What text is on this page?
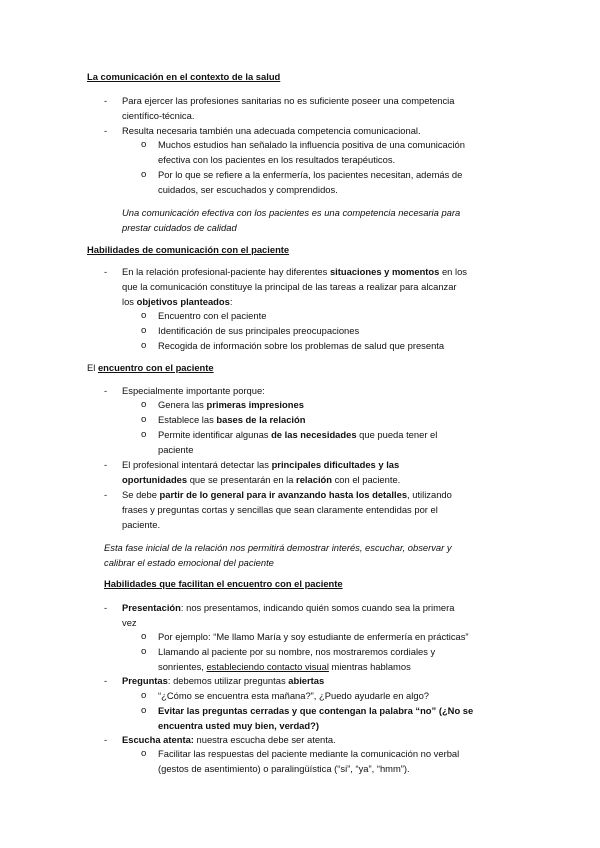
La comunicación en el contexto de la salud
- Para ejercer las profesiones sanitarias no es suficiente poseer una competencia
científico-técnica.
- Resulta necesaria también una adecuada competencia comunicacional.
o Muchos estudios han señalado la influencia positiva de una comunicación
efectiva con los pacientes en los resultados terapéuticos.
o Por lo que se refiere a la enfermería, los pacientes necesitan, además de
cuidados, ser escuchados y comprendidos.
Una comunicación efectiva con los pacientes es una competencia necesaria para
prestar cuidados de calidad
Habilidades de comunicación con el paciente
- En la relación profesional-paciente hay diferentes situaciones y momentos en los
que la comunicación constituye la principal de las tareas a realizar para alcanzar
los objetivos planteados:
o Encuentro con el paciente
o Identificación de sus principales preocupaciones
o Recogida de información sobre los problemas de salud que presenta
El encuentro con el paciente
- Especialmente importante porque:
o Genera las primeras impresiones
o Establece las bases de la relación
o Permite identificar algunas de las necesidades que pueda tener el
paciente
- El profesional intentará detectar las principales dificultades y las
oportunidades que se presentarán en la relación con el paciente.
- Se debe partir de lo general para ir avanzando hasta los detalles, utilizando
frases y preguntas cortas y sencillas que sean claramente entendidas por el
paciente.
Esta fase inicial de la relación nos permitirá demostrar interés, escuchar, observar y
calibrar el estado emocional del paciente
Habilidades que facilitan el encuentro con el paciente
- Presentación: nos presentamos, indicando quién somos cuando sea la primera
vez
o Por ejemplo: “Me llamo María y soy estudiante de enfermería en prácticas”
o Llamando al paciente por su nombre, nos mostraremos cordiales y
sonrientes, estableciendo contacto visual mientras hablamos
- Preguntas: debemos utilizar preguntas abiertas
o “¿Cómo se encuentra esta mañana?”, ¿Puedo ayudarle en algo?
o Evitar las preguntas cerradas y que contengan la palabra “no” (¿No se
encuentra usted muy bien, verdad?)
- Escucha atenta: nuestra escucha debe ser atenta.
o Facilitar las respuestas del paciente mediante la comunicación no verbal
(gestos de asentimiento) o paralingüística (“si”, “ya”, “hmm”).
